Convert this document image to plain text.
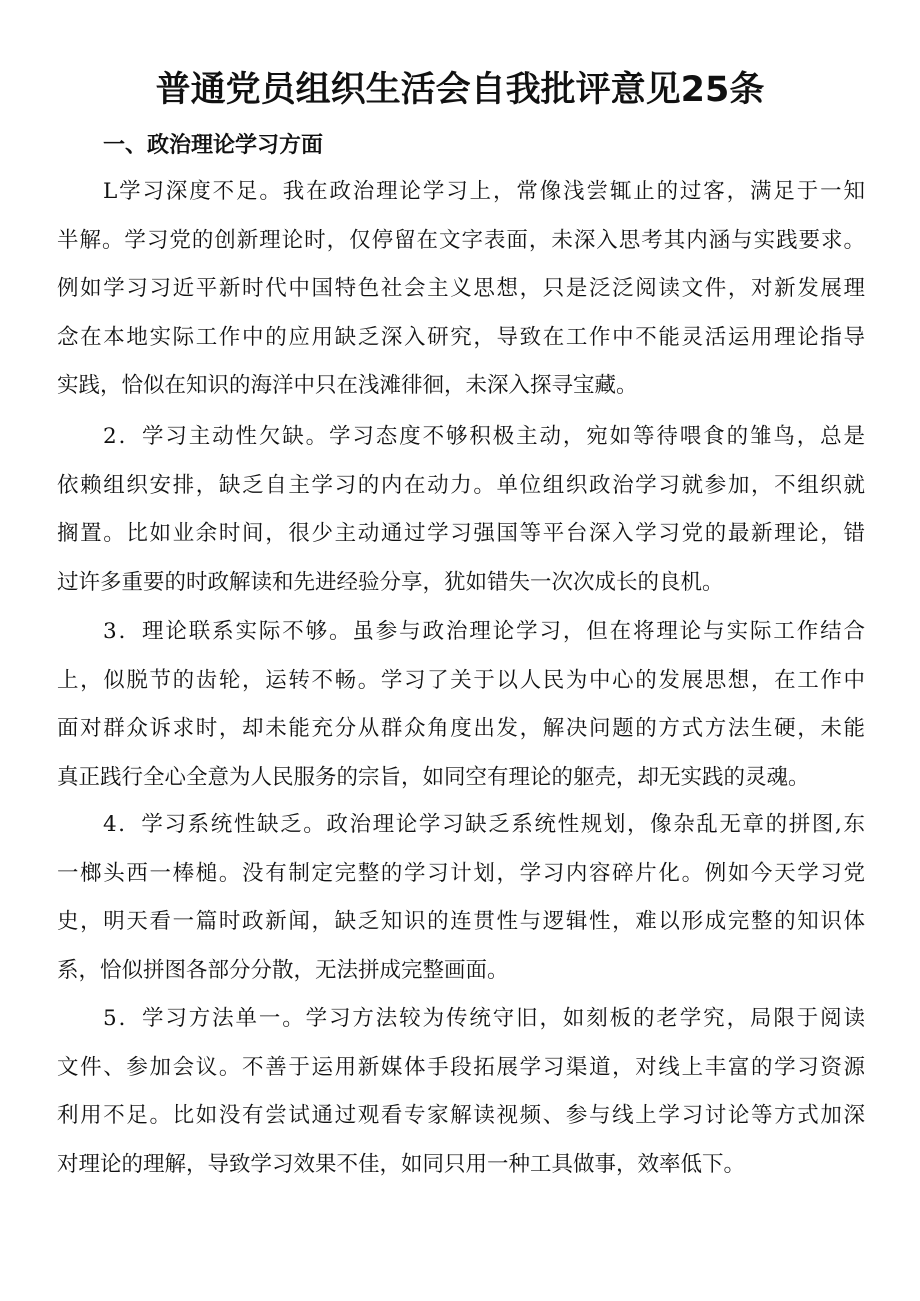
普通党员组织生活会自我批评意见25条
一、政治理论学习方面
L学习深度不足。我在政治理论学习上，常像浅尝辄止的过客，满足于一知
半解。学习党的创新理论时，仅停留在文字表面，未深入思考其内涵与实践要求。
例如学习习近平新时代中国特色社会主义思想，只是泛泛阅读文件，对新发展理
念在本地实际工作中的应用缺乏深入研究，导致在工作中不能灵活运用理论指导
实践，恰似在知识的海洋中只在浅滩徘徊，未深入探寻宝藏。
2．学习主动性欠缺。学习态度不够积极主动，宛如等待喂食的雏鸟，总是
依赖组织安排，缺乏自主学习的内在动力。单位组织政治学习就参加，不组织就
搁置。比如业余时间，很少主动通过学习强国等平台深入学习党的最新理论，错
过许多重要的时政解读和先进经验分享，犹如错失一次次成长的良机。
3．理论联系实际不够。虽参与政治理论学习，但在将理论与实际工作结合
上，似脱节的齿轮，运转不畅。学习了关于以人民为中心的发展思想，在工作中
面对群众诉求时，却未能充分从群众角度出发，解决问题的方式方法生硬，未能
真正践行全心全意为人民服务的宗旨，如同空有理论的躯壳，却无实践的灵魂。
4．学习系统性缺乏。政治理论学习缺乏系统性规划，像杂乱无章的拼图,东
一榔头西一棒槌。没有制定完整的学习计划，学习内容碎片化。例如今天学习党
史，明天看一篇时政新闻，缺乏知识的连贯性与逻辑性，难以形成完整的知识体
系，恰似拼图各部分分散，无法拼成完整画面。
5．学习方法单一。学习方法较为传统守旧，如刻板的老学究，局限于阅读
文件、参加会议。不善于运用新媒体手段拓展学习渠道，对线上丰富的学习资源
利用不足。比如没有尝试通过观看专家解读视频、参与线上学习讨论等方式加深
对理论的理解，导致学习效果不佳，如同只用一种工具做事，效率低下。
